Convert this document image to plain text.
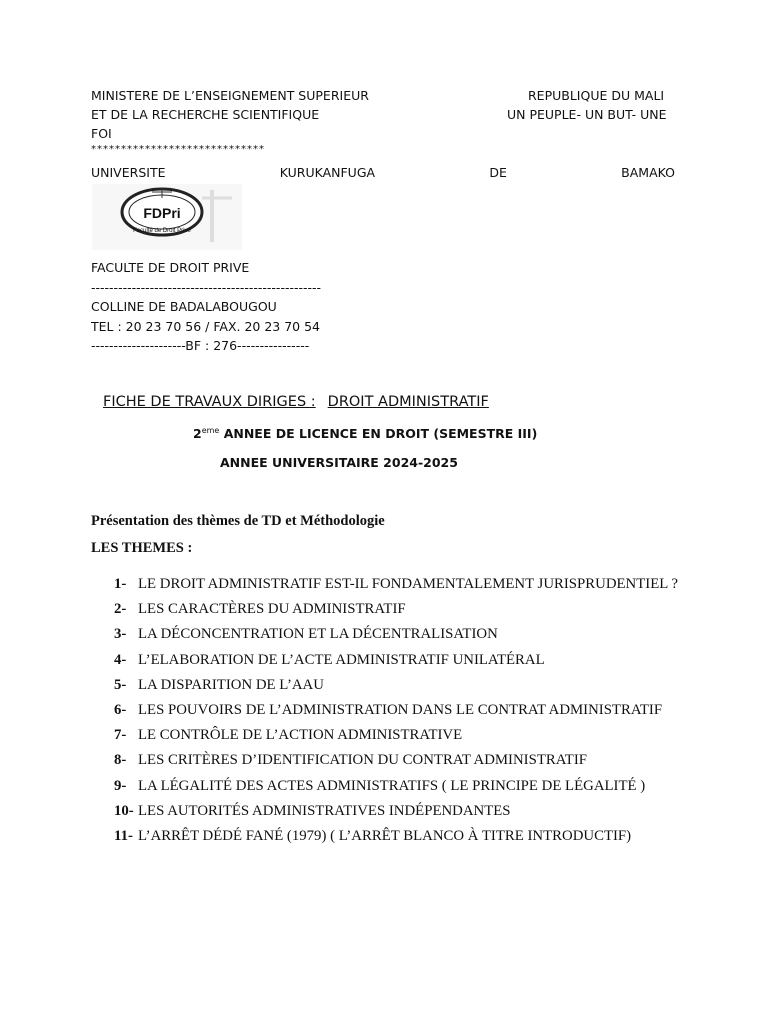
MINISTERE DE L’ENSEIGNEMENT SUPERIEUR
ET DE LA RECHERCHE SCIENTIFIQUE
FOI
*****************************
REPUBLIQUE DU MALI
UN PEUPLE- UN BUT- UNE
UNIVERSITE	KURUKANFUGA	DE	BAMAKO
FDPri
Faculté de Droit Privé
FACULTE DE DROIT PRIVE
---------------------------------------------------
COLLINE DE BADALABOUGOU
TEL : 20 23 70 56 / FAX. 20 23 70 54
---------------------BF : 276----------------
FICHE DE TRAVAUX DIRIGES : DROIT ADMINISTRATIF
2eme ANNEE DE LICENCE EN DROIT (SEMESTRE III)
ANNEE UNIVERSITAIRE 2024-2025
Présentation des thèmes de TD et Méthodologie
LES THEMES :
1- LE DROIT ADMINISTRATIF EST-IL FONDAMENTALEMENT JURISPRUDENTIEL ?
2- LES CARACTÈRES DU ADMINISTRATIF
3- LA DÉCONCENTRATION ET LA DÉCENTRALISATION
4- L’ELABORATION DE L’ACTE ADMINISTRATIF UNILATÉRAL
5- LA DISPARITION DE L’AAU
6- LES POUVOIRS DE L’ADMINISTRATION DANS LE CONTRAT ADMINISTRATIF
7- LE CONTRÔLE DE L’ACTION ADMINISTRATIVE
8- LES CRITÈRES D’IDENTIFICATION DU CONTRAT ADMINISTRATIF
9- LA LÉGALITÉ DES ACTES ADMINISTRATIFS ( LE PRINCIPE DE LÉGALITÉ )
10- LES AUTORITÉS ADMINISTRATIVES INDÉPENDANTES
11- L’ARRÊT DÉDÉ FANÉ (1979) ( L’ARRÊT BLANCO À TITRE INTRODUCTIF)
